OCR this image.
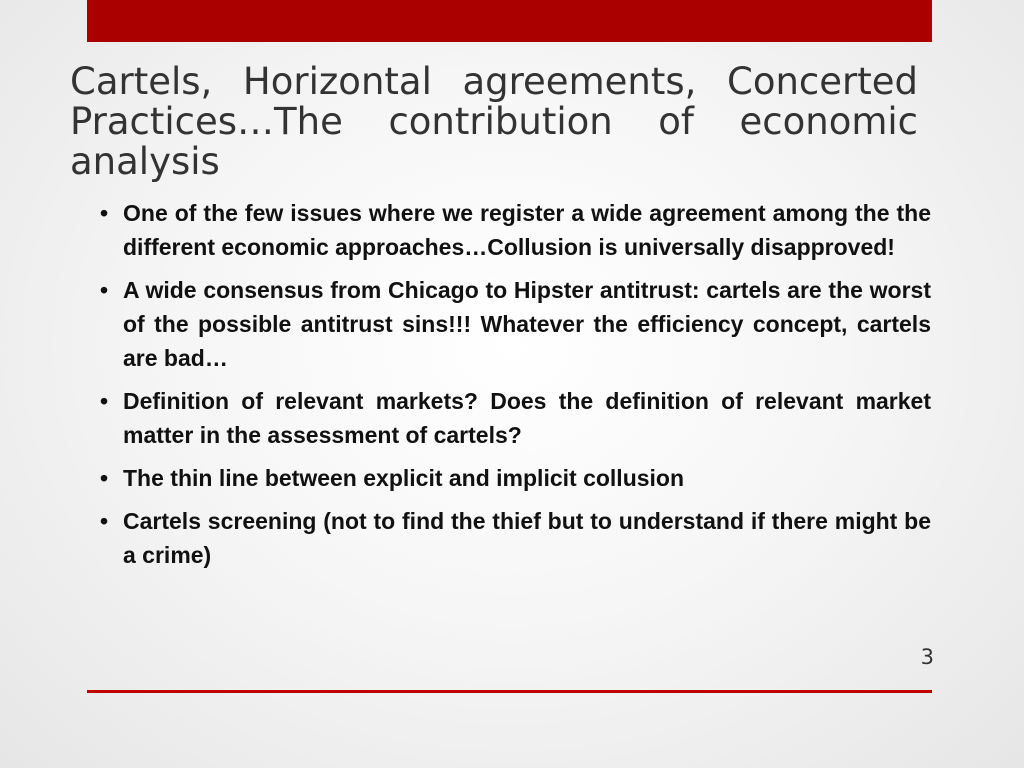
Cartels, Horizontal agreements, Concerted Practices…The contribution of economic analysis
• One of the few issues where we register a wide agreement among the the different economic approaches…Collusion is universally disapproved!
• A wide consensus from Chicago to Hipster antitrust: cartels are the worst of the possible antitrust sins!!! Whatever the efficiency concept, cartels are bad…
• Definition of relevant markets? Does the definition of relevant market matter in the assessment of cartels?
• The thin line between explicit and implicit collusion
• Cartels screening (not to find the thief but to understand if there might be a crime)
3
